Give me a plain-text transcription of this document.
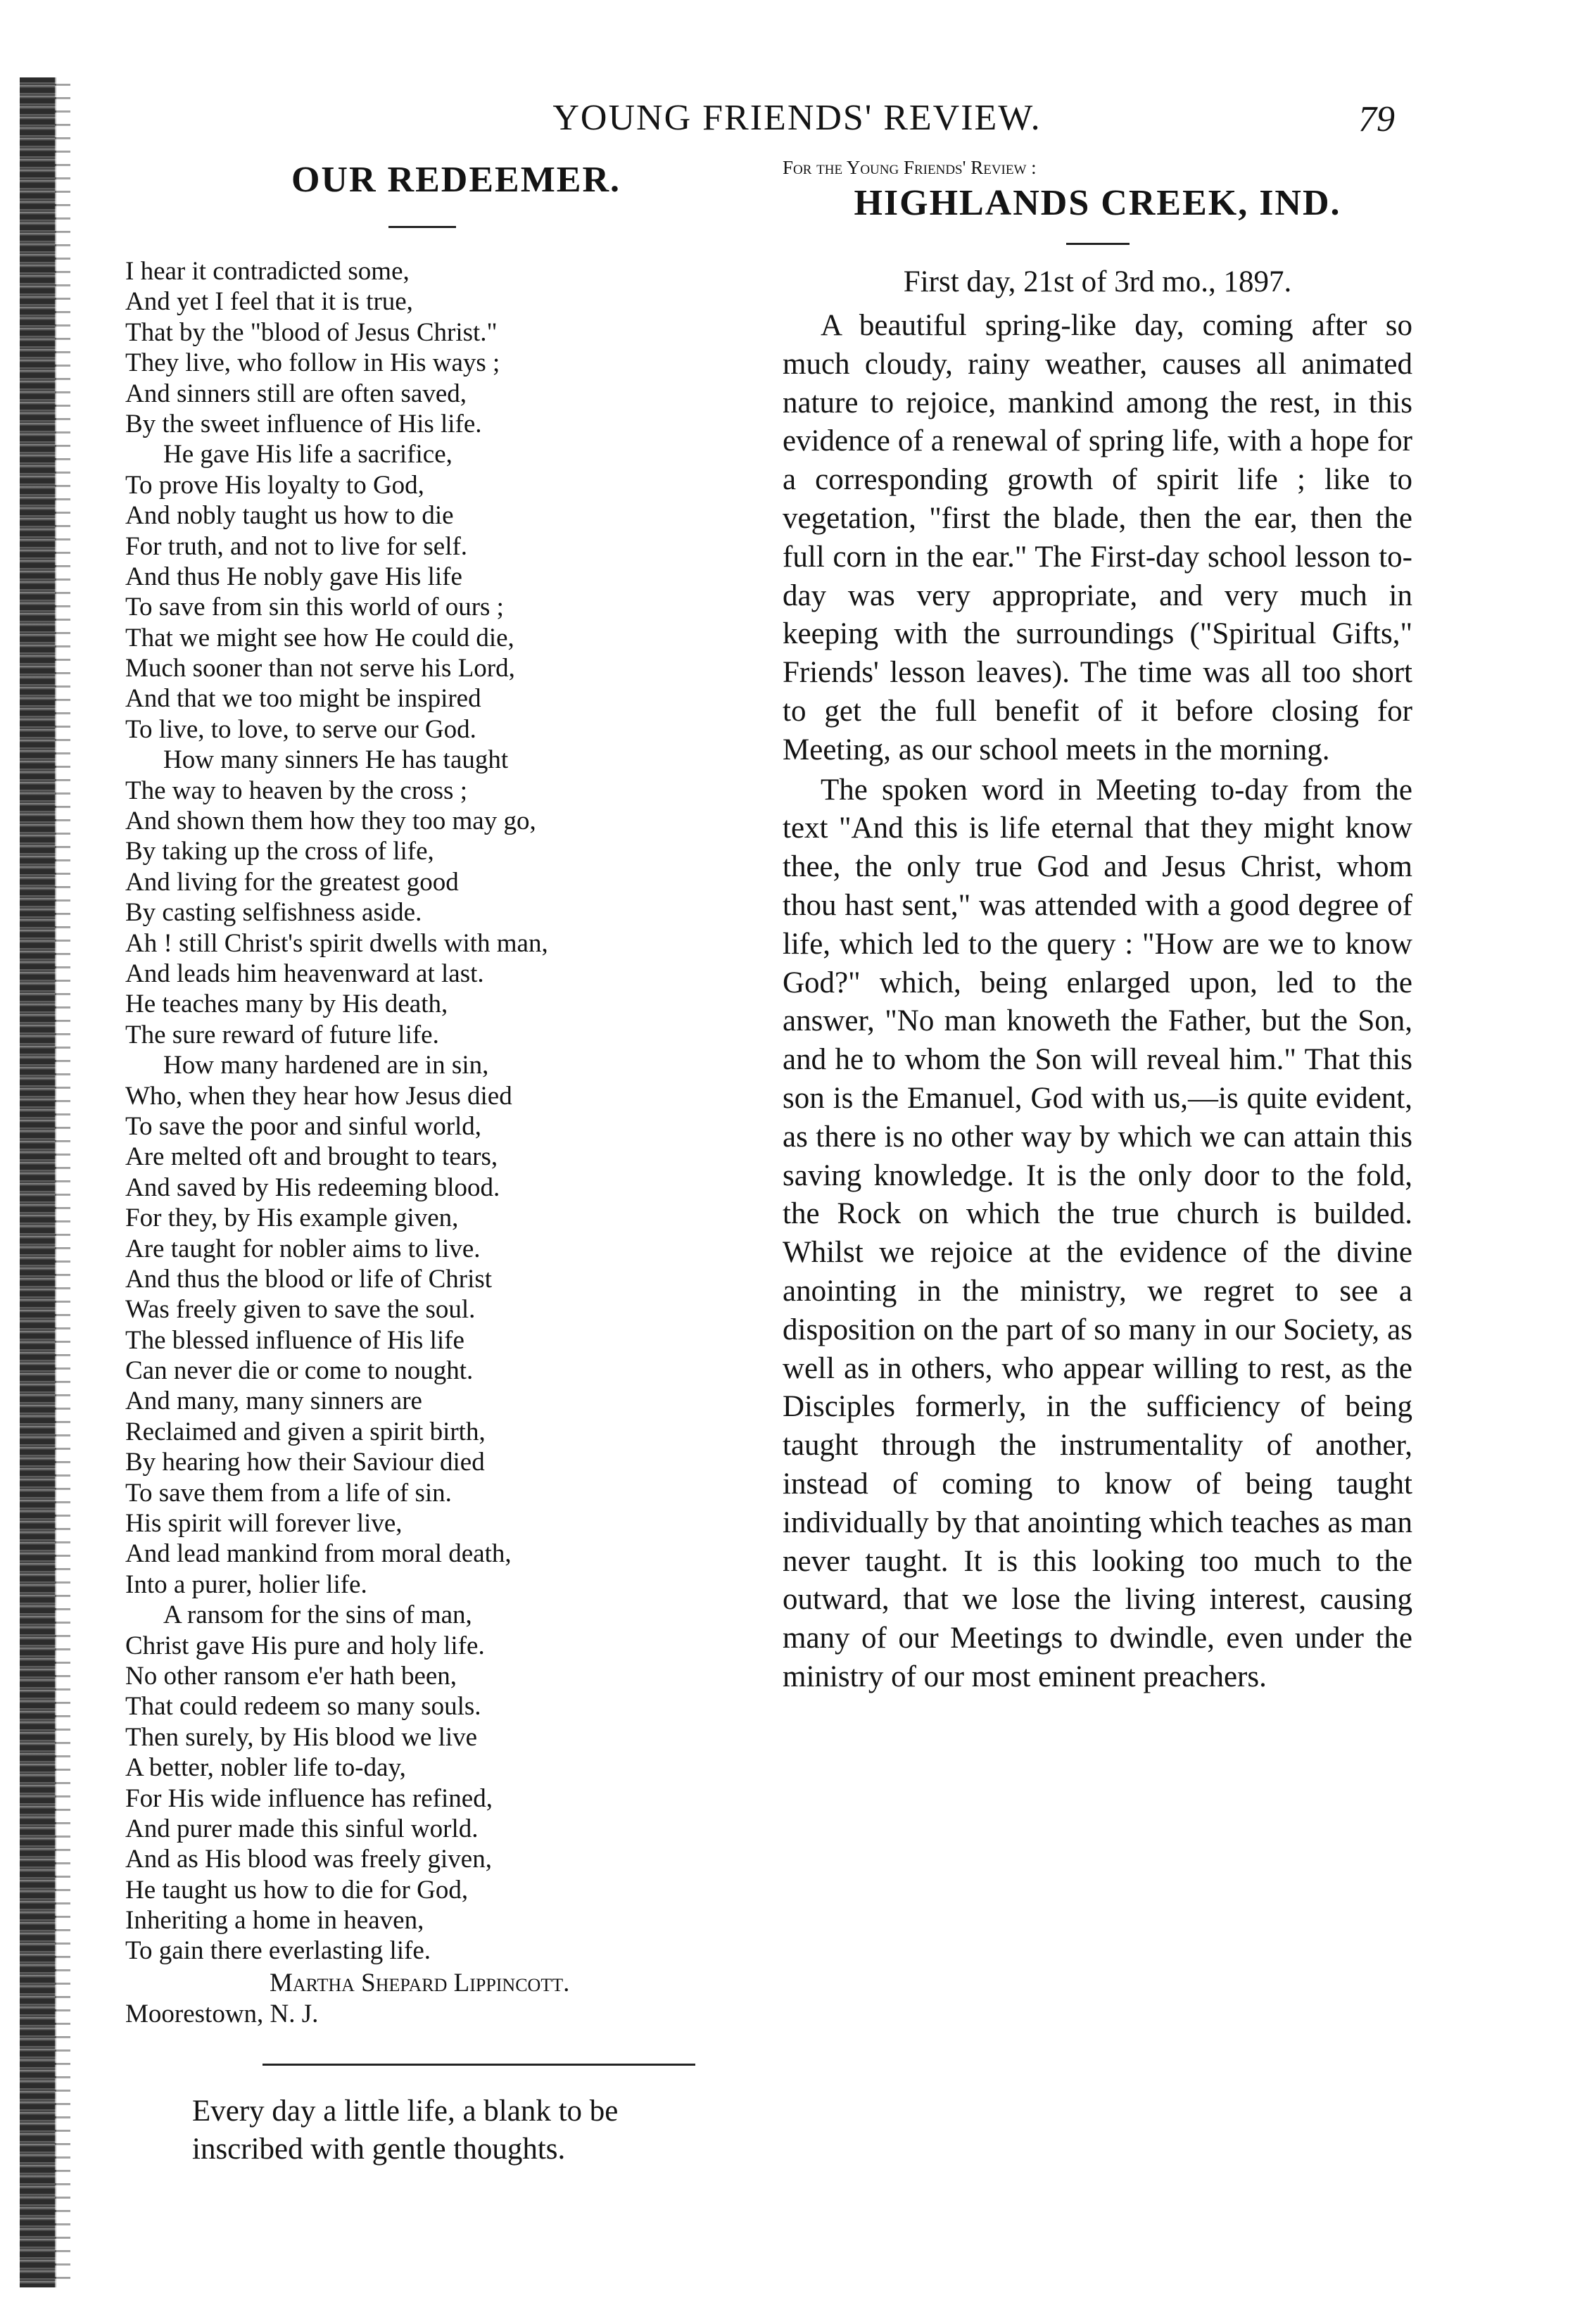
YOUNG FRIENDS' REVIEW.	79
OUR REDEEMER.
I hear it contradicted some,
And yet I feel that it is true,
That by the "blood of Jesus Christ."
They live, who follow in His ways ;
And sinners still are often saved,
By the sweet influence of His life.
He gave His life a sacrifice,
To prove His loyalty to God,
And nobly taught us how to die
For truth, and not to live for self.
And thus He nobly gave His life
To save from sin this world of ours ;
That we might see how He could die,
Much sooner than not serve his Lord,
And that we too might be inspired
To live, to love, to serve our God.
How many sinners He has taught
The way to heaven by the cross ;
And shown them how they too may go,
By taking up the cross of life,
And living for the greatest good
By casting selfishness aside.
Ah ! still Christ's spirit dwells with man,
And leads him heavenward at last.
He teaches many by His death,
The sure reward of future life.
How many hardened are in sin,
Who, when they hear how Jesus died
To save the poor and sinful world,
Are melted oft and brought to tears,
And saved by His redeeming blood.
For they, by His example given,
Are taught for nobler aims to live.
And thus the blood or life of Christ
Was freely given to save the soul.
The blessed influence of His life
Can never die or come to nought.
And many, many sinners are
Reclaimed and given a spirit birth,
By hearing how their Saviour died
To save them from a life of sin.
His spirit will forever live,
And lead mankind from moral death,
Into a purer, holier life.
A ransom for the sins of man,
Christ gave His pure and holy life.
No other ransom e'er hath been,
That could redeem so many souls.
Then surely, by His blood we live
A better, nobler life to-day,
For His wide influence has refined,
And purer made this sinful world.
And as His blood was freely given,
He taught us how to die for God,
Inheriting a home in heaven,
To gain there everlasting life.
Martha Shepard Lippincott.
Moorestown, N. J.
Every day a little life, a blank to be
inscribed with gentle thoughts.
For the Young Friends' Review :
HIGHLANDS CREEK, IND.
First day, 21st of 3rd mo., 1897.

A beautiful spring-like day, coming after so much cloudy, rainy weather, causes all animated nature to rejoice, mankind among the rest, in this evidence of a renewal of spring life, with a hope for a corresponding growth of spirit life ; like to vegetation, "first the blade, then the ear, then the full corn in the ear." The First-day school lesson to-day was very appropriate, and very much in keeping with the surroundings ("Spiritual Gifts," Friends' lesson leaves). The time was all too short to get the full benefit of it before closing for Meeting, as our school meets in the morning.

The spoken word in Meeting to-day from the text "And this is life eternal that they might know thee, the only true God and Jesus Christ, whom thou hast sent," was attended with a good degree of life, which led to the query : "How are we to know God?" which, being enlarged upon, led to the answer, "No man knoweth the Father, but the Son, and he to whom the Son will reveal him." That this son is the Emanuel, God with us,—is quite evident, as there is no other way by which we can attain this saving knowledge. It is the only door to the fold, the Rock on which the true church is builded. Whilst we rejoice at the evidence of the divine anointing in the ministry, we regret to see a disposition on the part of so many in our Society, as well as in others, who appear willing to rest, as the Disciples formerly, in the sufficiency of being taught through the instrumentality of another, instead of coming to know of being taught individually by that anointing which teaches as man never taught. It is this looking too much to the outward, that we lose the living interest, causing many of our Meetings to dwindle, even under the ministry of our most eminent preachers.
